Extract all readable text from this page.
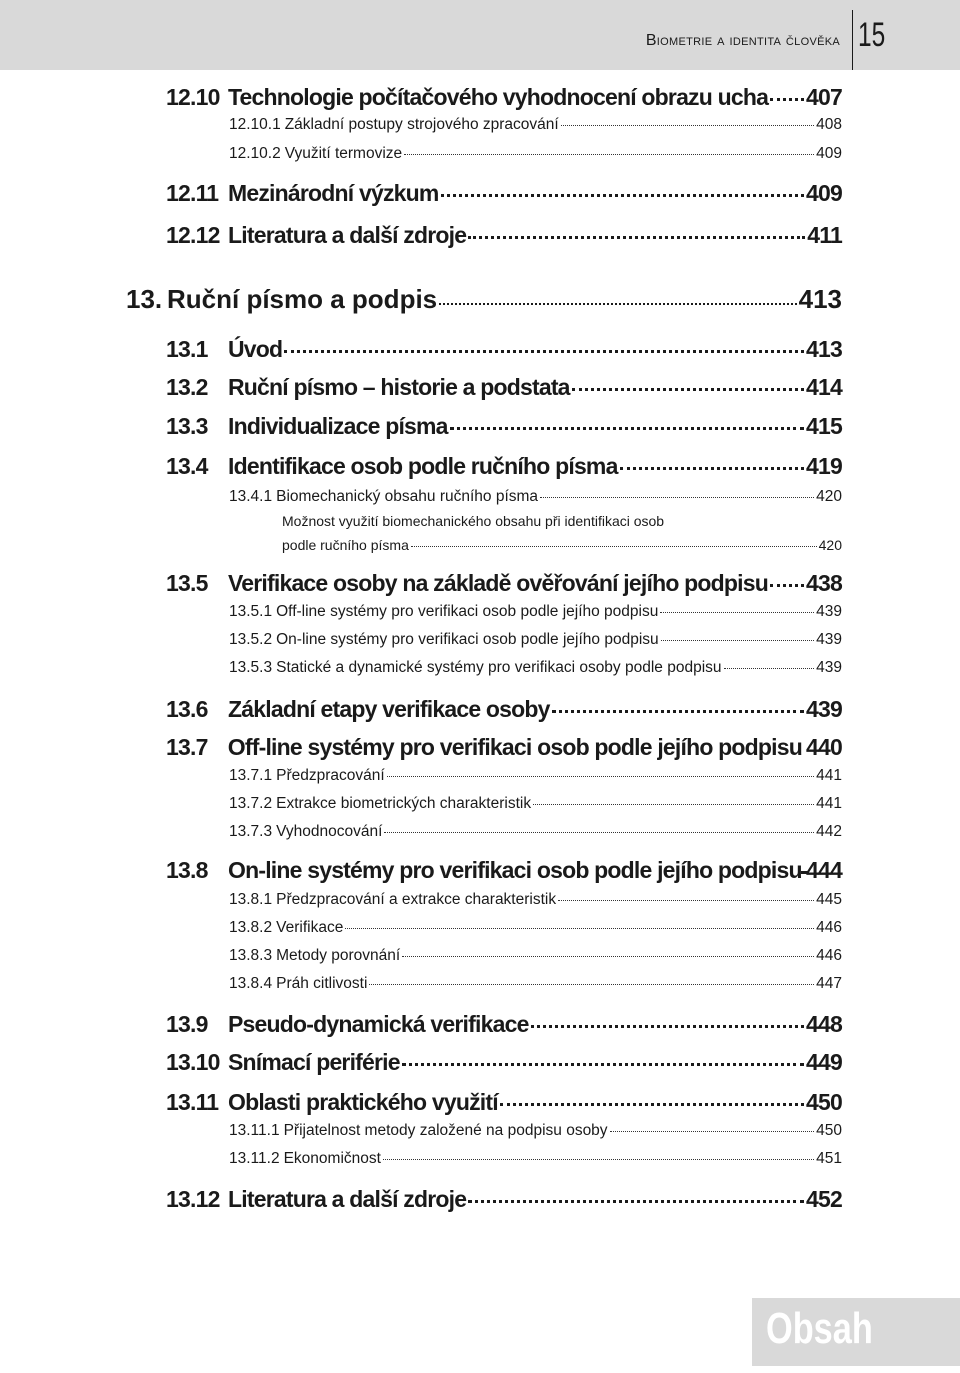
Biometrie a identita člověka 15
12.10 Technologie počítačového vyhodnocení obrazu ucha 407
12.10.1 Základní postupy strojového zpracování	408
12.10.2 Využití termovize	409
12.11 Mezinárodní výzkum	409
12.12 Literatura a další zdroje	411
13. Ruční písmo a podpis	413
13.1 Úvod	413
13.2 Ruční písmo – historie a podstata	414
13.3 Individualizace písma	415
13.4 Identifikace osob podle ručního písma	419
13.4.1 Biomechanický obsahu ručního písma	420
Možnost využití biomechanického obsahu při identifikaci osob
podle ručního písma	420
13.5 Verifikace osoby na základě ověřování jejího podpisu 438
13.5.1 Off-line systémy pro verifikaci osob podle jejího podpisu	439
13.5.2 On-line systémy pro verifikaci osob podle jejího podpisu	439
13.5.3 Statické a dynamické systémy pro verifikaci osoby podle podpisu	439
13.6 Základní etapy verifikace osoby	439
13.7 Off-line systémy pro verifikaci osob podle jejího podpisu 440
13.7.1 Předzpracování	441
13.7.2 Extrakce biometrických charakteristik	441
13.7.3 Vyhodnocování	442
13.8 On-line systémy pro verifikaci osob podle jejího podpisu 444
13.8.1 Předzpracování a extrakce charakteristik	445
13.8.2 Verifikace	446
13.8.3 Metody porovnání	446
13.8.4 Práh citlivosti	447
13.9 Pseudo-dynamická verifikace	448
13.10 Snímací periférie	449
13.11 Oblasti praktického využití	450
13.11.1 Přijatelnost metody založené na podpisu osoby	450
13.11.2 Ekonomičnost	451
13.12 Literatura a další zdroje	452
Obsah
